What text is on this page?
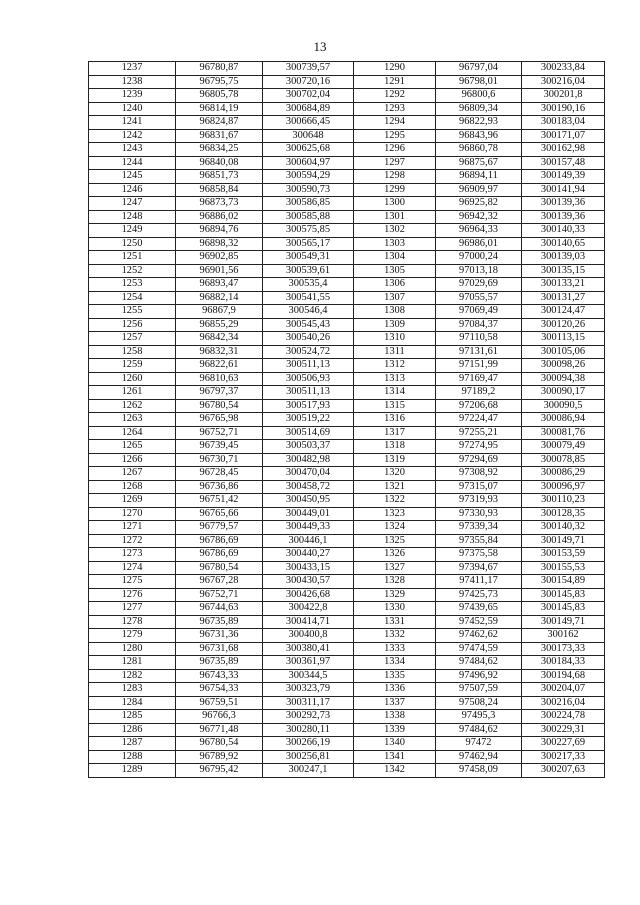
13
1237	96780,87	300739,57	1290	96797,04	300233,84
1238	96795,75	300720,16	1291	96798,01	300216,04
1239	96805,78	300702,04	1292	96800,6	300201,8
1240	96814,19	300684,89	1293	96809,34	300190,16
1241	96824,87	300666,45	1294	96822,93	300183,04
1242	96831,67	300648	1295	96843,96	300171,07
1243	96834,25	300625,68	1296	96860,78	300162,98
1244	96840,08	300604,97	1297	96875,67	300157,48
1245	96851,73	300594,29	1298	96894,11	300149,39
1246	96858,84	300590,73	1299	96909,97	300141,94
1247	96873,73	300586,85	1300	96925,82	300139,36
1248	96886,02	300585,88	1301	96942,32	300139,36
1249	96894,76	300575,85	1302	96964,33	300140,33
1250	96898,32	300565,17	1303	96986,01	300140,65
1251	96902,85	300549,31	1304	97000,24	300139,03
1252	96901,56	300539,61	1305	97013,18	300135,15
1253	96893,47	300535,4	1306	97029,69	300133,21
1254	96882,14	300541,55	1307	97055,57	300131,27
1255	96867,9	300546,4	1308	97069,49	300124,47
1256	96855,29	300545,43	1309	97084,37	300120,26
1257	96842,34	300540,26	1310	97110,58	300113,15
1258	96832,31	300524,72	1311	97131,61	300105,06
1259	96822,61	300511,13	1312	97151,99	300098,26
1260	96810,63	300506,93	1313	97169,47	300094,38
1261	96797,37	300511,13	1314	97189,2	300090,17
1262	96780,54	300517,93	1315	97206,68	300090,5
1263	96765,98	300519,22	1316	97224,47	300086,94
1264	96752,71	300514,69	1317	97255,21	300081,76
1265	96739,45	300503,37	1318	97274,95	300079,49
1266	96730,71	300482,98	1319	97294,69	300078,85
1267	96728,45	300470,04	1320	97308,92	300086,29
1268	96736,86	300458,72	1321	97315,07	300096,97
1269	96751,42	300450,95	1322	97319,93	300110,23
1270	96765,66	300449,01	1323	97330,93	300128,35
1271	96779,57	300449,33	1324	97339,34	300140,32
1272	96786,69	300446,1	1325	97355,84	300149,71
1273	96786,69	300440,27	1326	97375,58	300153,59
1274	96780,54	300433,15	1327	97394,67	300155,53
1275	96767,28	300430,57	1328	97411,17	300154,89
1276	96752,71	300426,68	1329	97425,73	300145,83
1277	96744,63	300422,8	1330	97439,65	300145,83
1278	96735,89	300414,71	1331	97452,59	300149,71
1279	96731,36	300400,8	1332	97462,62	300162
1280	96731,68	300380,41	1333	97474,59	300173,33
1281	96735,89	300361,97	1334	97484,62	300184,33
1282	96743,33	300344,5	1335	97496,92	300194,68
1283	96754,33	300323,79	1336	97507,59	300204,07
1284	96759,51	300311,17	1337	97508,24	300216,04
1285	96766,3	300292,73	1338	97495,3	300224,78
1286	96771,48	300280,11	1339	97484,62	300229,31
1287	96780,54	300266,19	1340	97472	300227,69
1288	96789,92	300256,81	1341	97462,94	300217,33
1289	96795,42	300247,1	1342	97458,09	300207,63
